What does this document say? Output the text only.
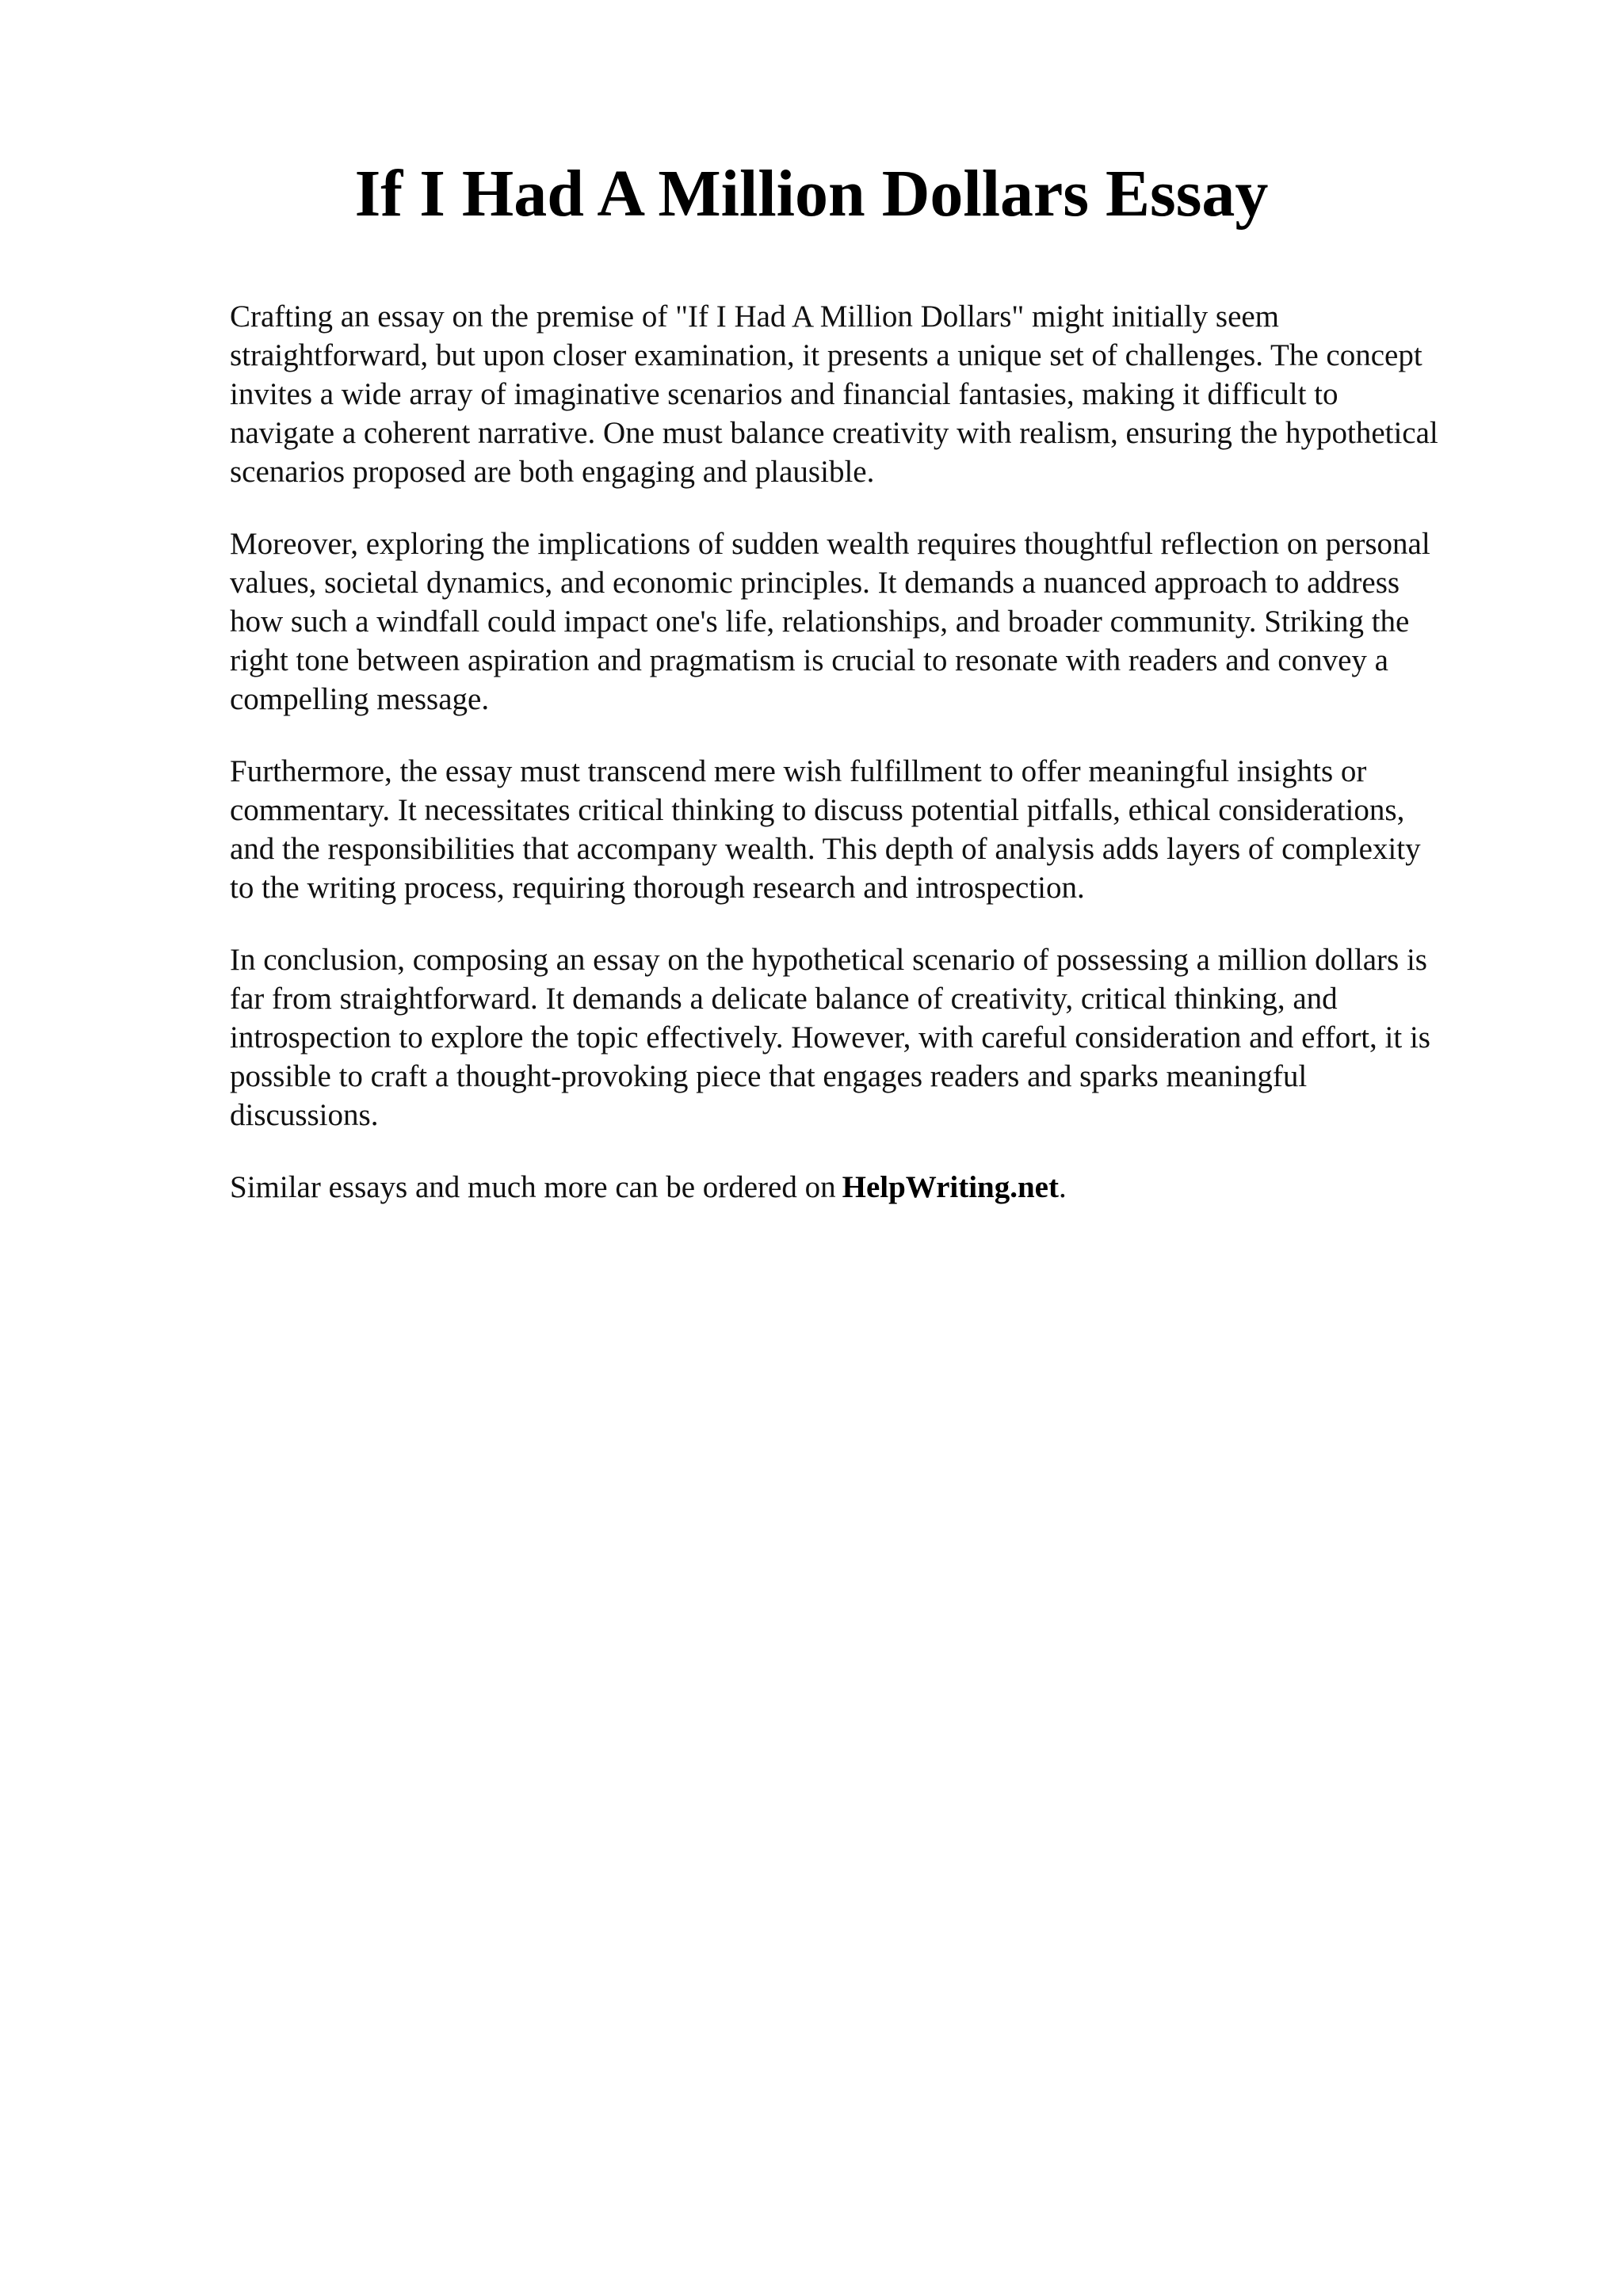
If I Had A Million Dollars Essay

Crafting an essay on the premise of "If I Had A Million Dollars" might initially seem
straightforward, but upon closer examination, it presents a unique set of challenges. The concept
invites a wide array of imaginative scenarios and financial fantasies, making it difficult to
navigate a coherent narrative. One must balance creativity with realism, ensuring the hypothetical
scenarios proposed are both engaging and plausible.

Moreover, exploring the implications of sudden wealth requires thoughtful reflection on personal
values, societal dynamics, and economic principles. It demands a nuanced approach to address
how such a windfall could impact one's life, relationships, and broader community. Striking the
right tone between aspiration and pragmatism is crucial to resonate with readers and convey a
compelling message.

Furthermore, the essay must transcend mere wish fulfillment to offer meaningful insights or
commentary. It necessitates critical thinking to discuss potential pitfalls, ethical considerations,
and the responsibilities that accompany wealth. This depth of analysis adds layers of complexity
to the writing process, requiring thorough research and introspection.

In conclusion, composing an essay on the hypothetical scenario of possessing a million dollars is
far from straightforward. It demands a delicate balance of creativity, critical thinking, and
introspection to explore the topic effectively. However, with careful consideration and effort, it is
possible to craft a thought-provoking piece that engages readers and sparks meaningful
discussions.

Similar essays and much more can be ordered on HelpWriting.net.
